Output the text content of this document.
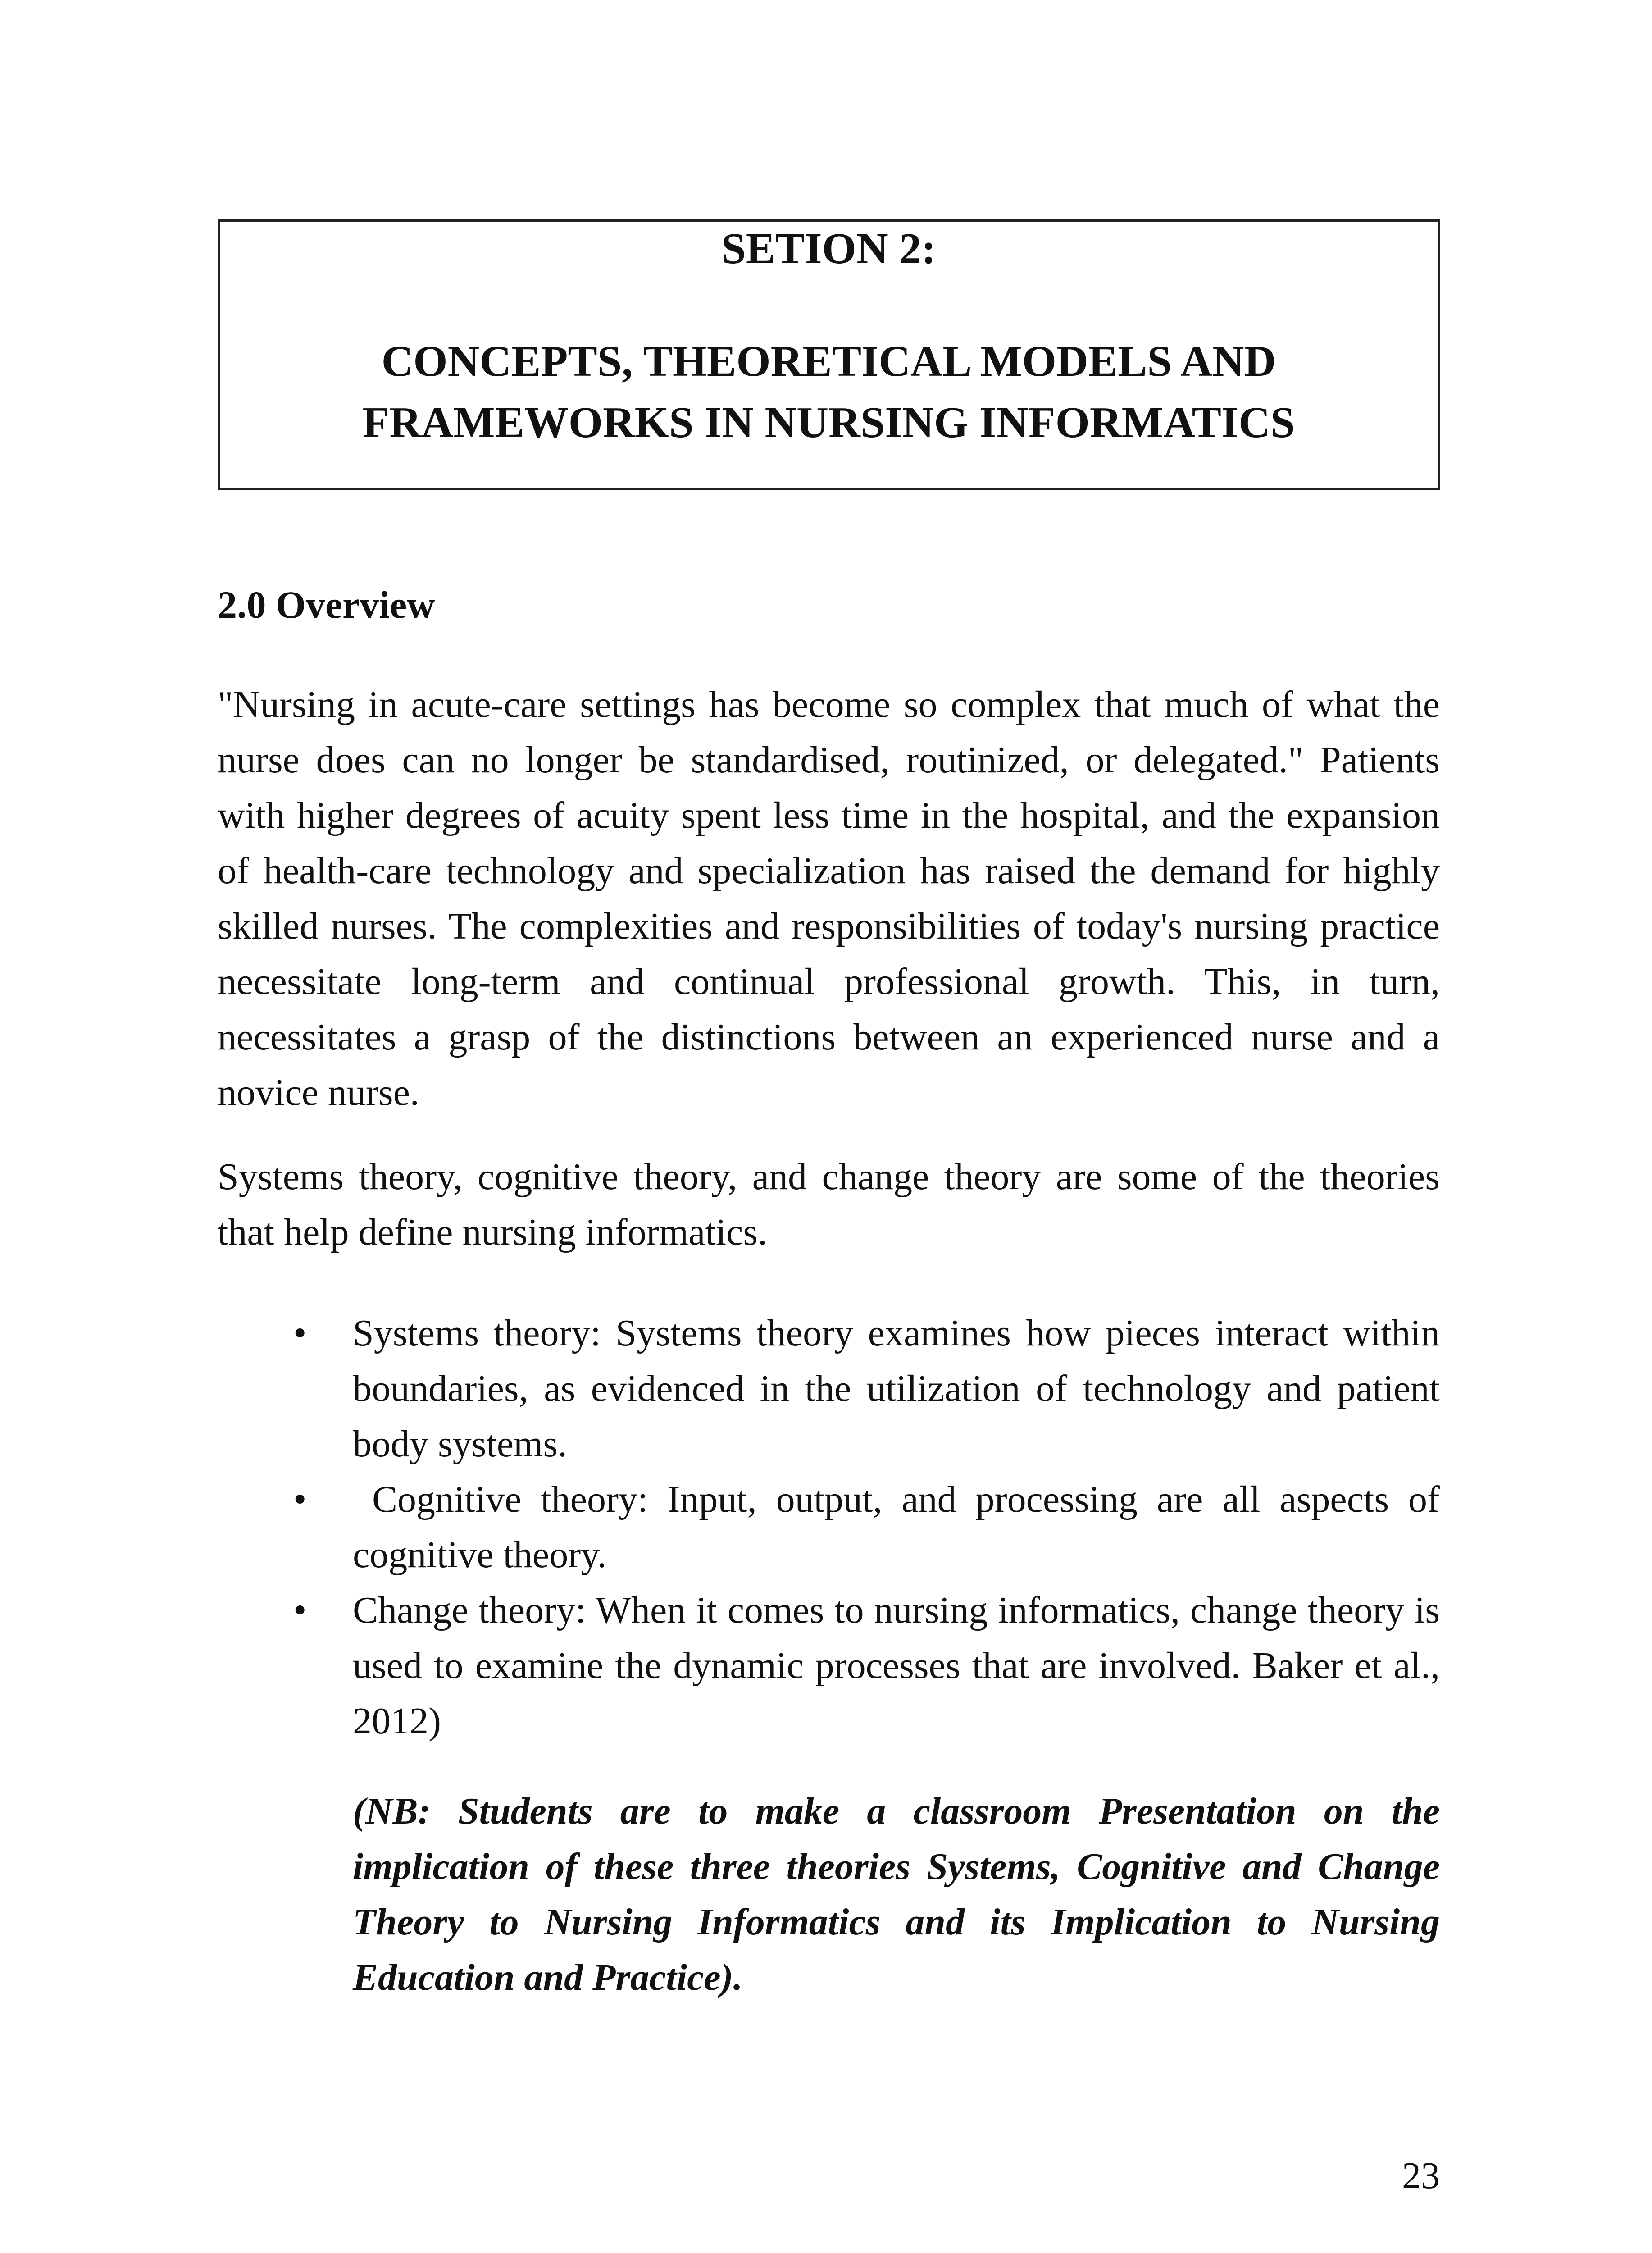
SETION 2:
CONCEPTS, THEORETICAL MODELS AND
FRAMEWORKS IN NURSING INFORMATICS
2.0 Overview

"Nursing in acute-care settings has become so complex that much of what the nurse does can no longer be standardised, routinized, or delegated." Patients with higher degrees of acuity spent less time in the hospital, and the expansion of health-care technology and specialization has raised the demand for highly skilled nurses. The complexities and responsibilities of today's nursing practice necessitate long-term and continual professional growth. This, in turn, necessitates a grasp of the distinctions between an experienced nurse and a novice nurse.

Systems theory, cognitive theory, and change theory are some of the theories that help define nursing informatics.

• Systems theory: Systems theory examines how pieces interact within boundaries, as evidenced in the utilization of technology and patient body systems.
• Cognitive theory: Input, output, and processing are all aspects of cognitive theory.
• Change theory: When it comes to nursing informatics, change theory is used to examine the dynamic processes that are involved. Baker et al., 2012)

(NB: Students are to make a classroom Presentation on the implication of these three theories Systems, Cognitive and Change Theory to Nursing Informatics and its Implication to Nursing Education and Practice).

23
